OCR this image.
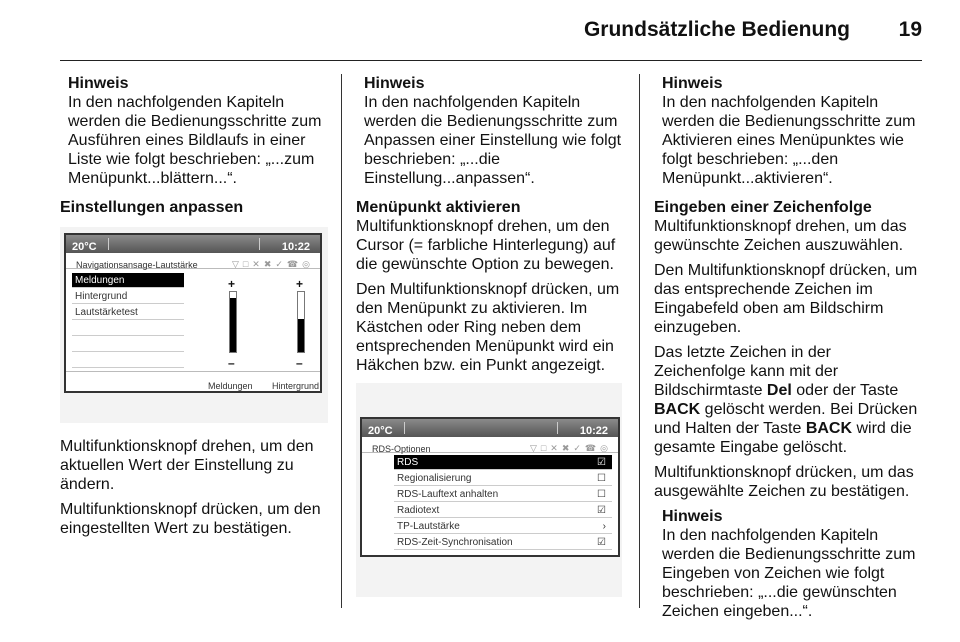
Grundsätzliche Bedienung 19
Hinweis
In den nachfolgenden Kapiteln werden die Bedienungsschritte zum Ausführen eines Bildlaufs in einer Liste wie folgt beschrieben: „...zum Menüpunkt...blättern...“.
Einstellungen anpassen
20°C	10:22
Navigationsansage-Lautstärke	▽□✕✖✓☎◎
Meldungen
Hintergrund
Lautstärketest
+
–
+
–
Meldungen Hintergrund

Multifunktionsknopf drehen, um den aktuellen Wert der Einstellung zu ändern.

Multifunktionsknopf drücken, um den eingestellten Wert zu bestätigen.

Hinweis
In den nachfolgenden Kapiteln werden die Bedienungsschritte zum Anpassen einer Einstellung wie folgt beschrieben: „...die Einstellung...anpassen“.
Menüpunkt aktivieren

Multifunktionsknopf drehen, um den Cursor (= farbliche Hinterlegung) auf die gewünschte Option zu bewegen.

Den Multifunktionsknopf drücken, um den Menüpunkt zu aktivieren. Im Kästchen oder Ring neben dem entsprechenden Menüpunkt wird ein Häkchen bzw. ein Punkt angezeigt.

20°C	10:22
RDS-Optionen	▽□✕✖✓☎◎
RDS	☑
Regionalisierung	☐
RDS-Lauftext anhalten	☐
Radiotext	☑
TP-Lautstärke	›
RDS-Zeit-Synchronisation	☑
Hinweis
In den nachfolgenden Kapiteln werden die Bedienungsschritte zum Aktivieren eines Menüpunktes wie folgt beschrieben: „...den Menüpunkt...aktivieren“.
Eingeben einer Zeichenfolge

Multifunktionsknopf drehen, um das gewünschte Zeichen auszuwählen.

Den Multifunktionsknopf drücken, um das entsprechende Zeichen im Eingabefeld oben am Bildschirm einzugeben.

Das letzte Zeichen in der Zeichenfolge kann mit der Bildschirmtaste Del oder der Taste BACK gelöscht werden. Bei Drücken und Halten der Taste BACK wird die gesamte Eingabe gelöscht.

Multifunktionsknopf drücken, um das ausgewählte Zeichen zu bestätigen.

Hinweis
In den nachfolgenden Kapiteln werden die Bedienungsschritte zum Eingeben von Zeichen wie folgt beschrieben: „...die gewünschten Zeichen eingeben...“.
